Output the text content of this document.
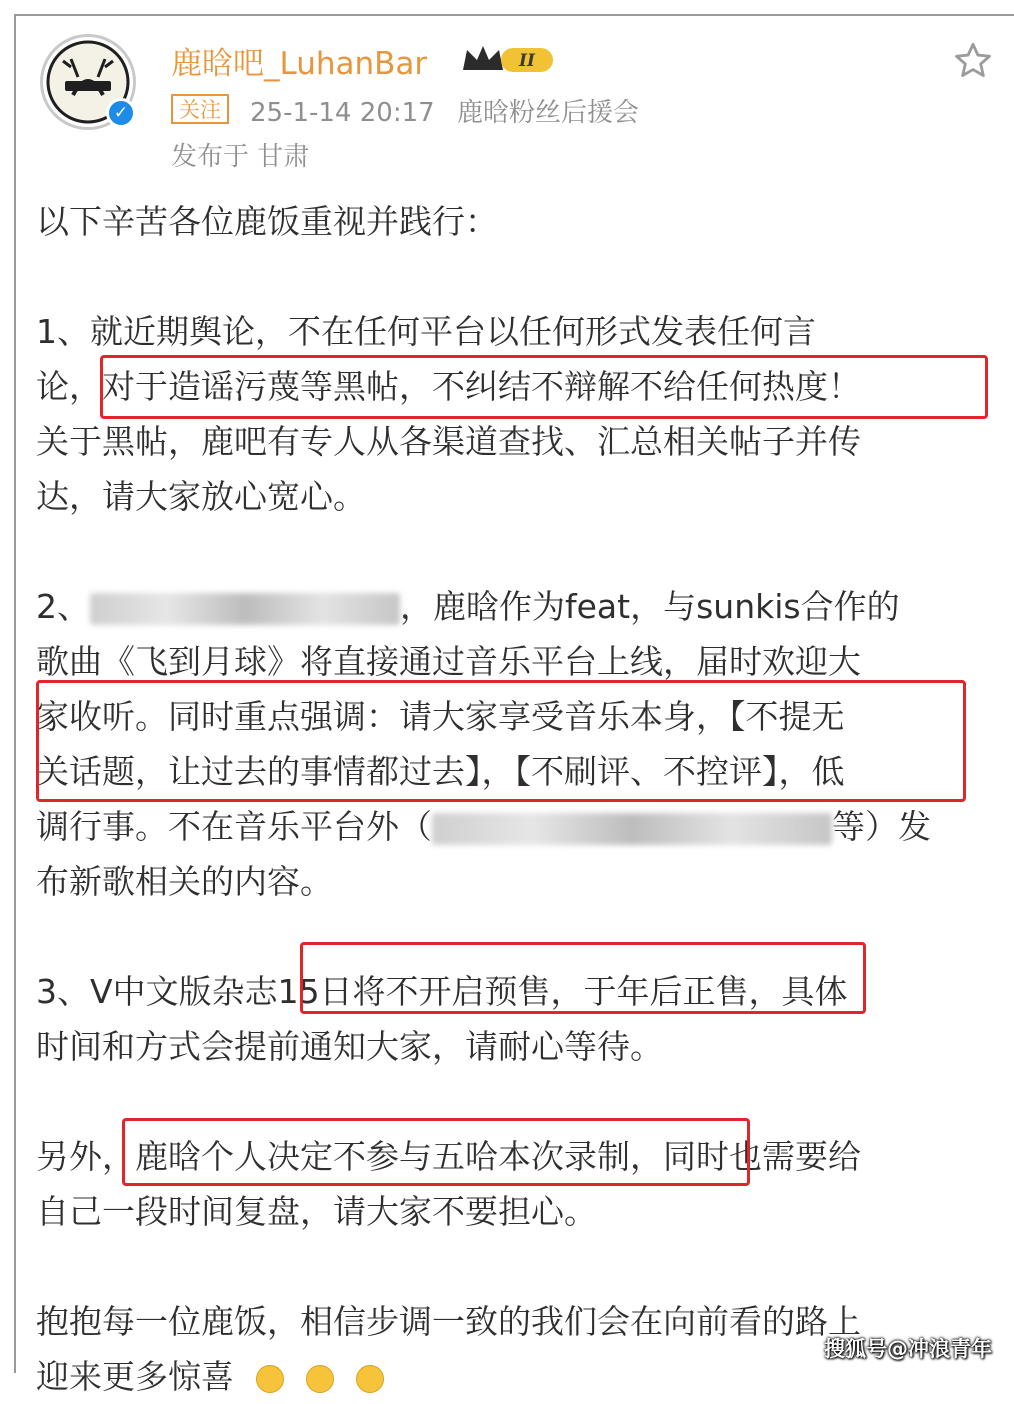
✓
鹿晗吧_LuhanBar	II
关注	25-1-14 20:17 鹿晗粉丝后援会
发布于 甘肃
以下辛苦各位鹿饭重视并践行：
1、就近期舆论，不在任何平台以任何形式发表任何言
论，对于造谣污蔑等黑帖，不纠结不辩解不给任何热度！
关于黑帖，鹿吧有专人从各渠道查找、汇总相关帖子并传
达，请大家放心宽心。
2、	，鹿晗作为feat，与sunkis合作的
歌曲《飞到月球》将直接通过音乐平台上线，届时欢迎大
家收听。同时重点强调：请大家享受音乐本身，【不提无
关话题，让过去的事情都过去】，【不刷评、不控评】，低
调行事。不在音乐平台外（	等）发
布新歌相关的内容。
3、V中文版杂志15日将不开启预售，于年后正售，具体
时间和方式会提前通知大家，请耐心等待。
另外，鹿晗个人决定不参与五哈本次录制，同时也需要给
自己一段时间复盘，请大家不要担心。
抱抱每一位鹿饭，相信步调一致的我们会在向前看的路上
迎来更多惊喜
搜狐号@冲浪青年
